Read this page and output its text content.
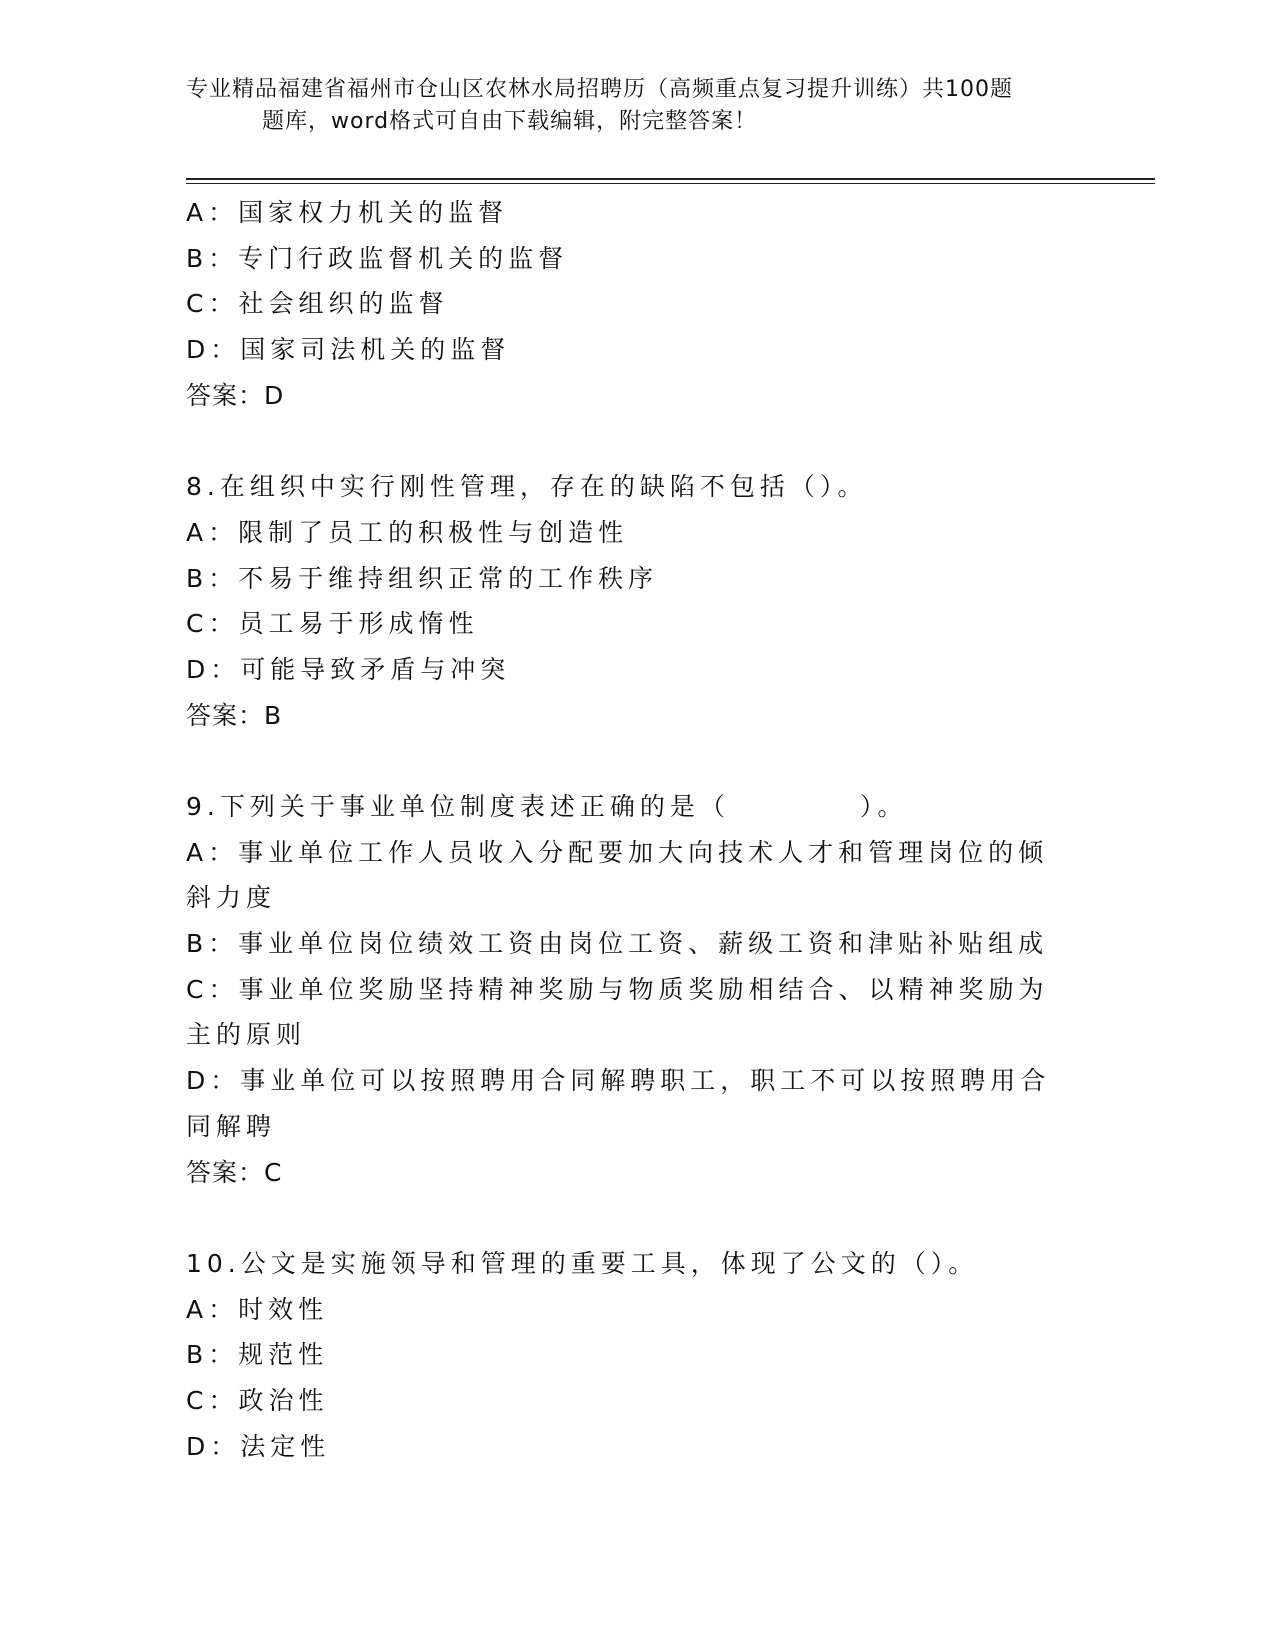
专业精品福建省福州市仓山区农林水局招聘历（高频重点复习提升训练）共100题
题库，word格式可自由下载编辑，附完整答案！
A：国家权力机关的监督
B：专门行政监督机关的监督
C：社会组织的监督
D：国家司法机关的监督
答案：D
8.在组织中实行刚性管理，存在的缺陷不包括（）。
A：限制了员工的积极性与创造性
B：不易于维持组织正常的工作秩序
C：员工易于形成惰性
D：可能导致矛盾与冲突
答案：B
9.下列关于事业单位制度表述正确的是（	）。
A：事业单位工作人员收入分配要加大向技术人才和管理岗位的倾斜力度
B：事业单位岗位绩效工资由岗位工资、薪级工资和津贴补贴组成
C：事业单位奖励坚持精神奖励与物质奖励相结合、以精神奖励为主的原则
D：事业单位可以按照聘用合同解聘职工，职工不可以按照聘用合同解聘
答案：C
10.公文是实施领导和管理的重要工具，体现了公文的（）。
A：时效性
B：规范性
C：政治性
D：法定性
